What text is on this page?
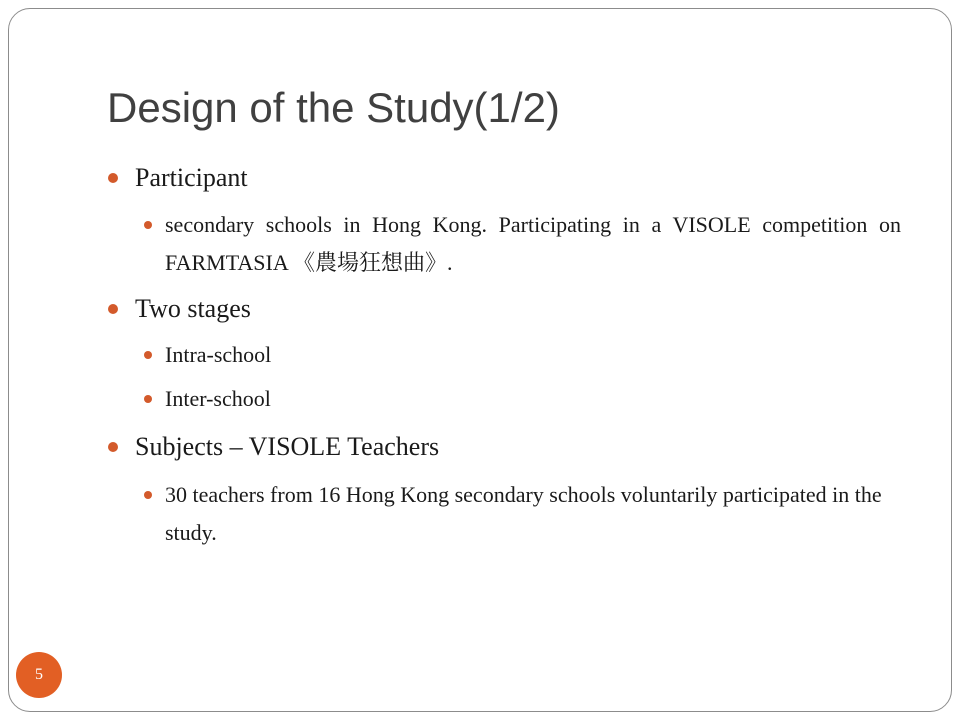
Design of the Study(1/2)
Participant
secondary schools in Hong Kong. Participating in a VISOLE competition on FARMTASIA 《農場狂想曲》.
Two stages
Intra-school
Inter-school
Subjects – VISOLE Teachers
30 teachers from 16 Hong Kong secondary schools voluntarily participated in the study.
5
